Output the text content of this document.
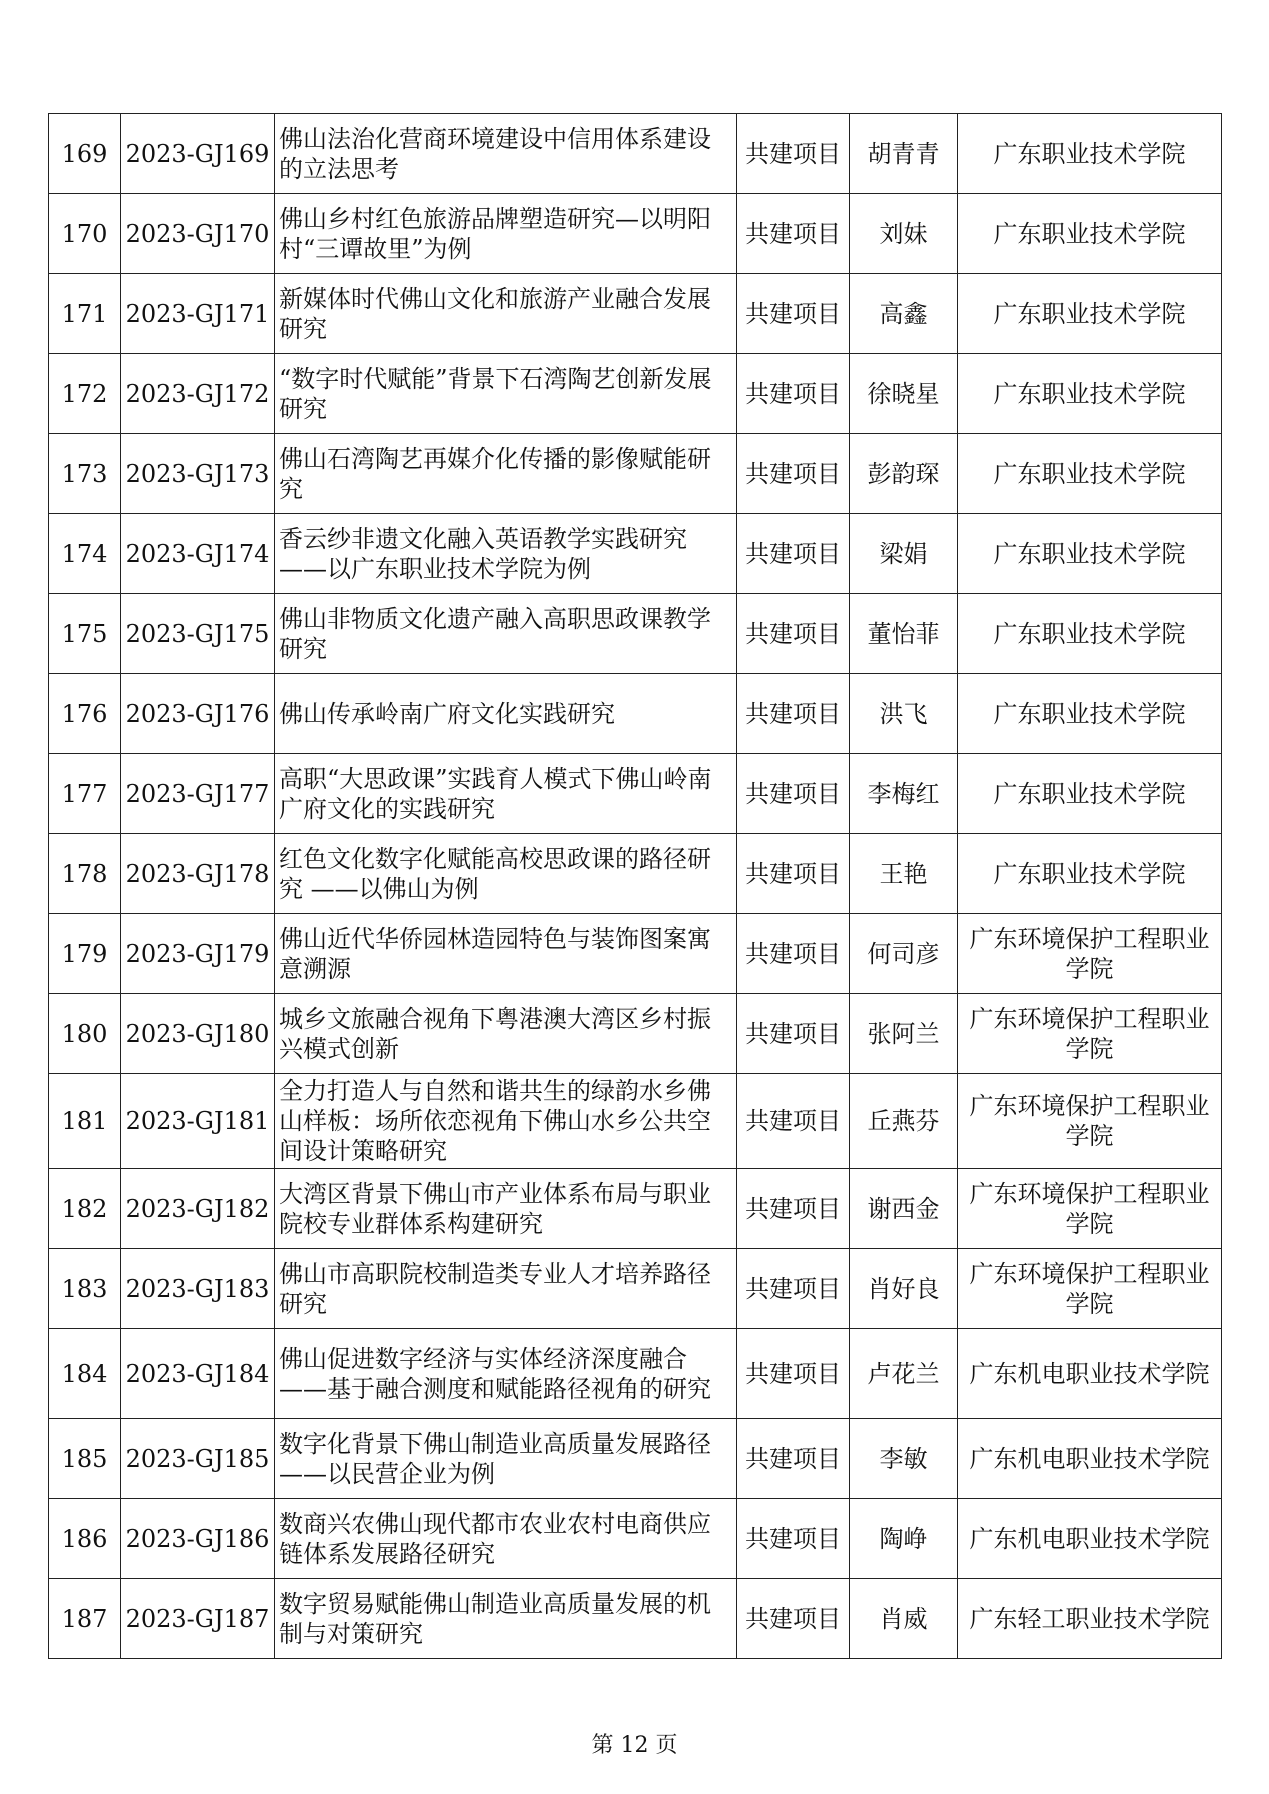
169	2023-GJ169	佛山法治化营商环境建设中信用体系建设的立法思考	共建项目	胡青青	广东职业技术学院
170	2023-GJ170	佛山乡村红色旅游品牌塑造研究—以明阳村“三谭故里”为例	共建项目	刘妹	广东职业技术学院
171	2023-GJ171	新媒体时代佛山文化和旅游产业融合发展研究	共建项目	高鑫	广东职业技术学院
172	2023-GJ172	“数字时代赋能”背景下石湾陶艺创新发展研究	共建项目	徐晓星	广东职业技术学院
173	2023-GJ173	佛山石湾陶艺再媒介化传播的影像赋能研究	共建项目	彭韵琛	广东职业技术学院
174	2023-GJ174	香云纱非遗文化融入英语教学实践研究——以广东职业技术学院为例	共建项目	梁娟	广东职业技术学院
175	2023-GJ175	佛山非物质文化遗产融入高职思政课教学研究	共建项目	董怡菲	广东职业技术学院
176	2023-GJ176	佛山传承岭南广府文化实践研究	共建项目	洪飞	广东职业技术学院
177	2023-GJ177	高职“大思政课”实践育人模式下佛山岭南广府文化的实践研究	共建项目	李梅红	广东职业技术学院
178	2023-GJ178	红色文化数字化赋能高校思政课的路径研究 ——以佛山为例	共建项目	王艳	广东职业技术学院
179	2023-GJ179	佛山近代华侨园林造园特色与装饰图案寓意溯源	共建项目	何司彦	广东环境保护工程职业学院
180	2023-GJ180	城乡文旅融合视角下粤港澳大湾区乡村振兴模式创新	共建项目	张阿兰	广东环境保护工程职业学院
181	2023-GJ181	全力打造人与自然和谐共生的绿韵水乡佛山样板：场所依恋视角下佛山水乡公共空间设计策略研究	共建项目	丘燕芬	广东环境保护工程职业学院
182	2023-GJ182	大湾区背景下佛山市产业体系布局与职业院校专业群体系构建研究	共建项目	谢西金	广东环境保护工程职业学院
183	2023-GJ183	佛山市高职院校制造类专业人才培养路径研究	共建项目	肖好良	广东环境保护工程职业学院
184	2023-GJ184	佛山促进数字经济与实体经济深度融合——基于融合测度和赋能路径视角的研究	共建项目	卢花兰	广东机电职业技术学院
185	2023-GJ185	数字化背景下佛山制造业高质量发展路径——以民营企业为例	共建项目	李敏	广东机电职业技术学院
186	2023-GJ186	数商兴农佛山现代都市农业农村电商供应链体系发展路径研究	共建项目	陶峥	广东机电职业技术学院
187	2023-GJ187	数字贸易赋能佛山制造业高质量发展的机制与对策研究	共建项目	肖威	广东轻工职业技术学院
第 12 页
